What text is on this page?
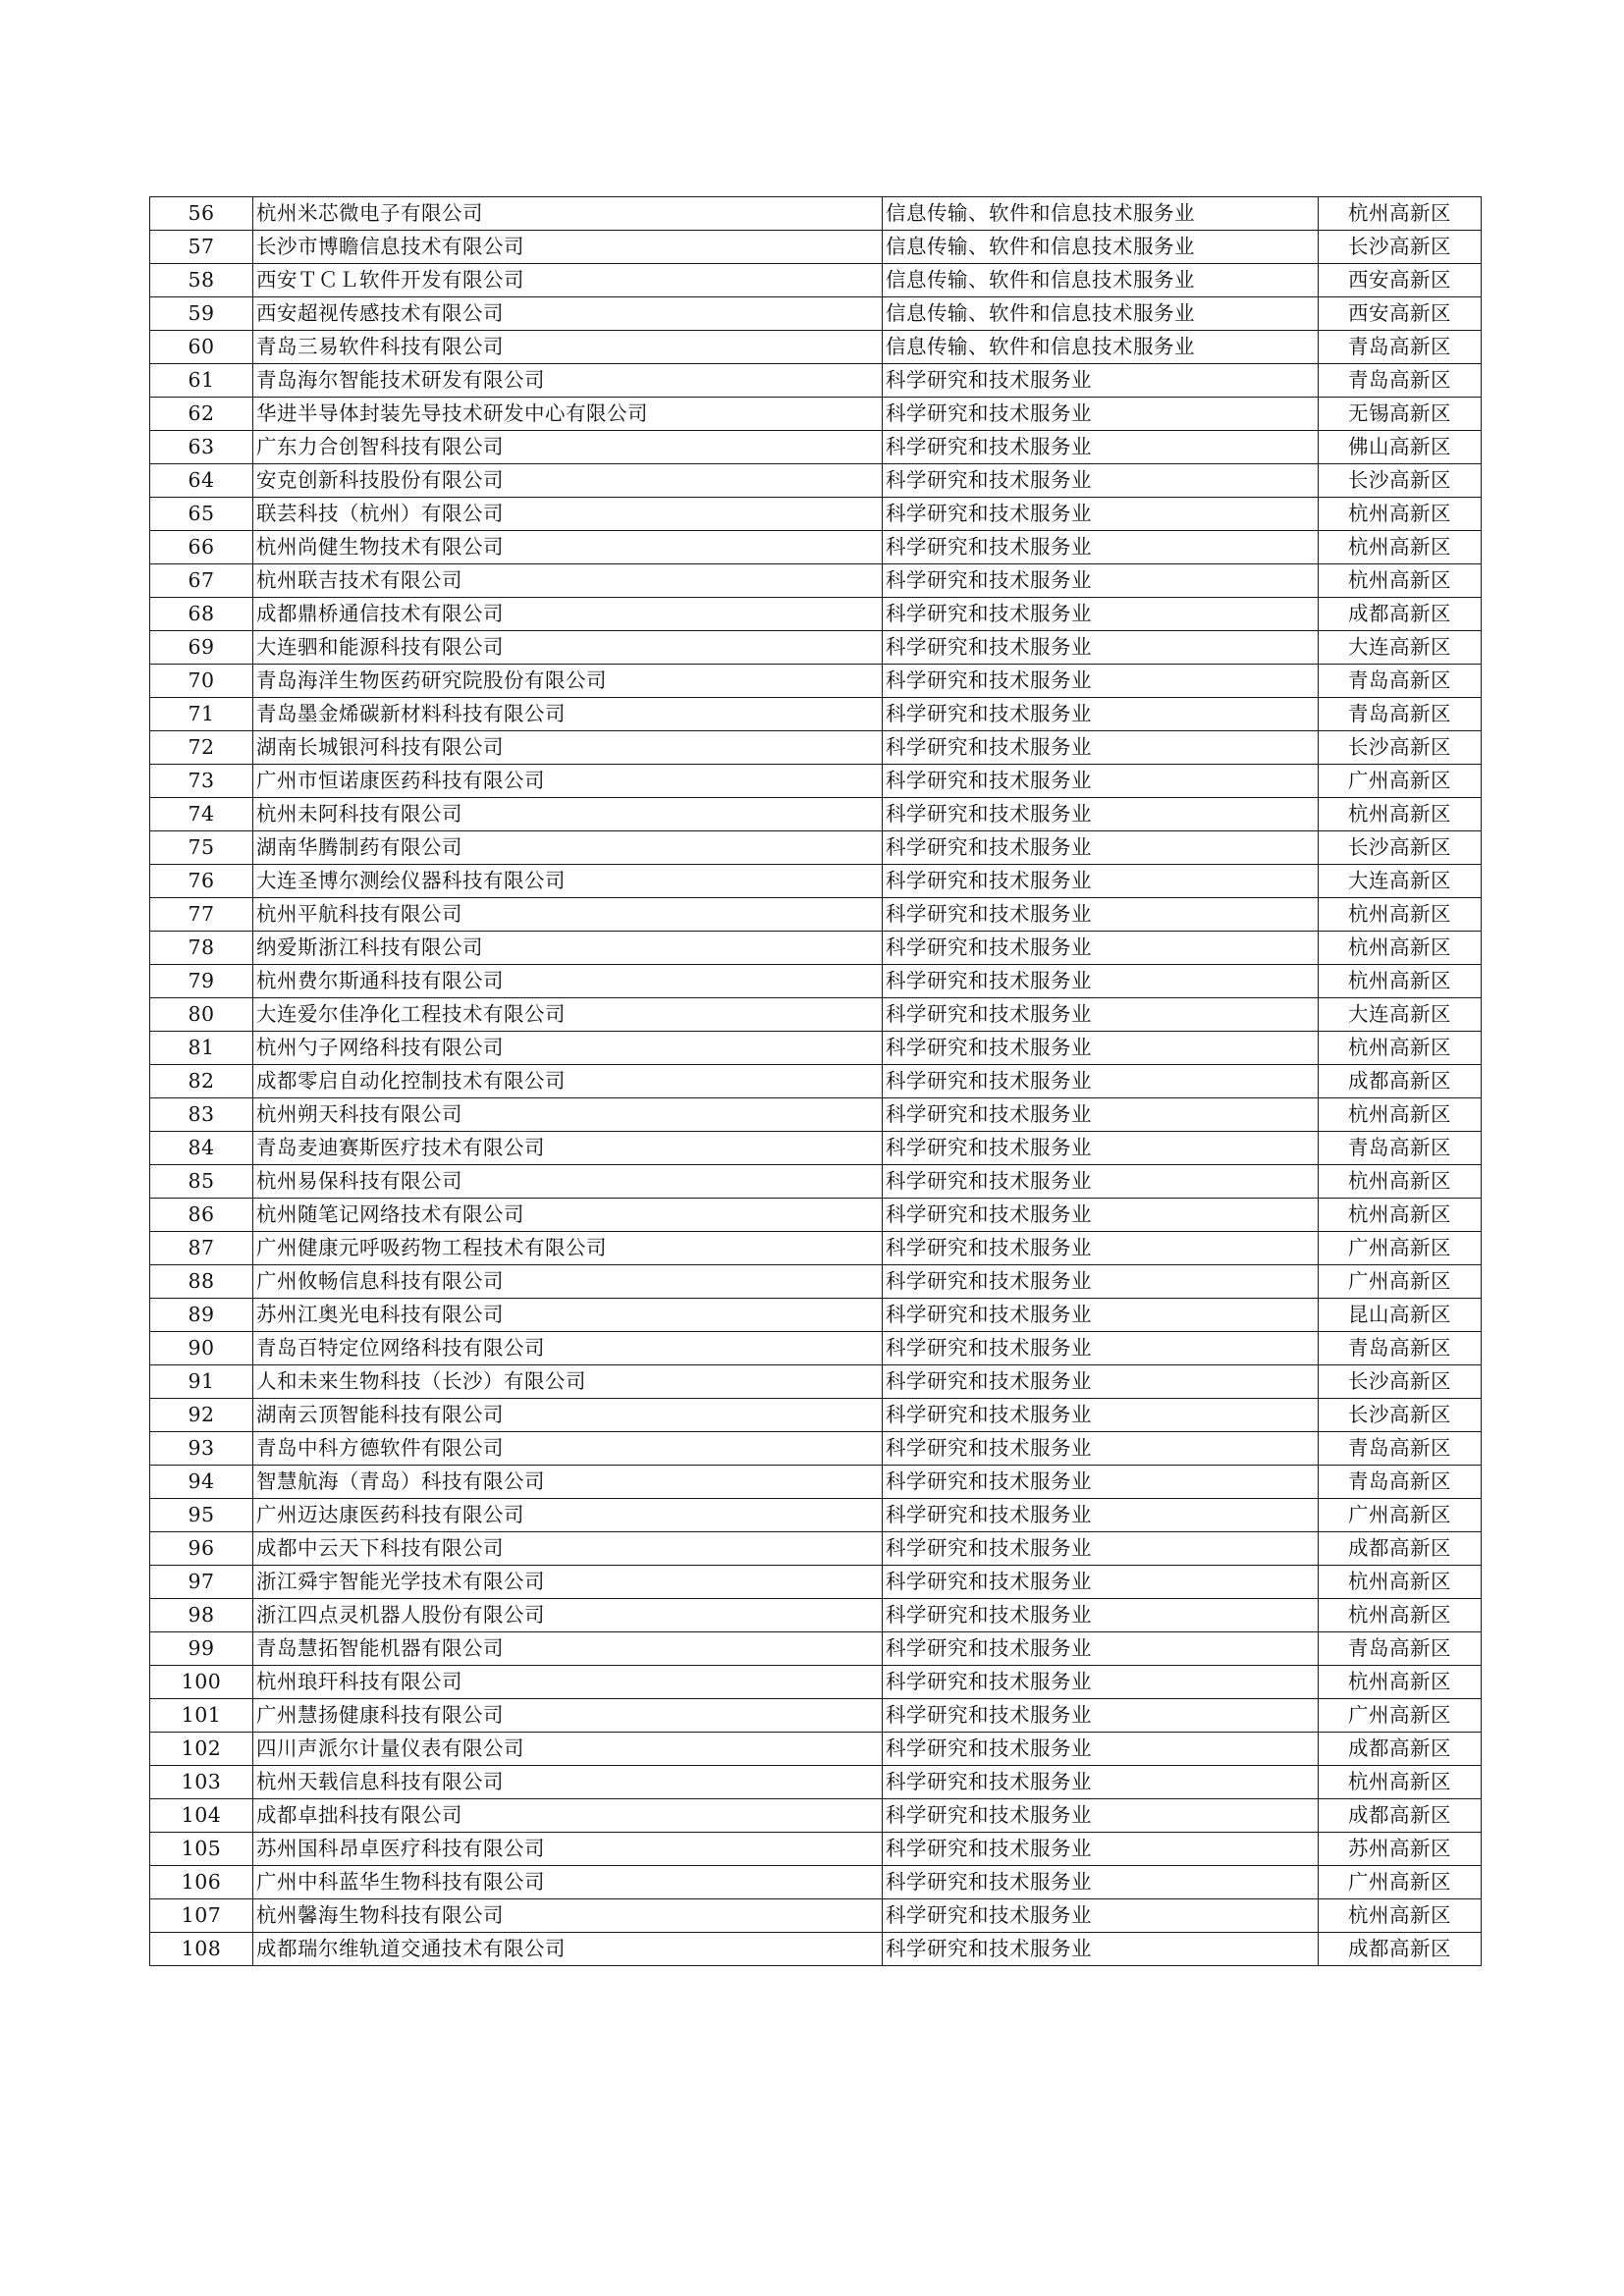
56	杭州米芯微电子有限公司	信息传输、软件和信息技术服务业	杭州高新区
57	长沙市博瞻信息技术有限公司	信息传输、软件和信息技术服务业	长沙高新区
58	西安ＴＣＬ软件开发有限公司	信息传输、软件和信息技术服务业	西安高新区
59	西安超视传感技术有限公司	信息传输、软件和信息技术服务业	西安高新区
60	青岛三易软件科技有限公司	信息传输、软件和信息技术服务业	青岛高新区
61	青岛海尔智能技术研发有限公司	科学研究和技术服务业	青岛高新区
62	华进半导体封装先导技术研发中心有限公司	科学研究和技术服务业	无锡高新区
63	广东力合创智科技有限公司	科学研究和技术服务业	佛山高新区
64	安克创新科技股份有限公司	科学研究和技术服务业	长沙高新区
65	联芸科技（杭州）有限公司	科学研究和技术服务业	杭州高新区
66	杭州尚健生物技术有限公司	科学研究和技术服务业	杭州高新区
67	杭州联吉技术有限公司	科学研究和技术服务业	杭州高新区
68	成都鼎桥通信技术有限公司	科学研究和技术服务业	成都高新区
69	大连驷和能源科技有限公司	科学研究和技术服务业	大连高新区
70	青岛海洋生物医药研究院股份有限公司	科学研究和技术服务业	青岛高新区
71	青岛墨金烯碳新材料科技有限公司	科学研究和技术服务业	青岛高新区
72	湖南长城银河科技有限公司	科学研究和技术服务业	长沙高新区
73	广州市恒诺康医药科技有限公司	科学研究和技术服务业	广州高新区
74	杭州未阿科技有限公司	科学研究和技术服务业	杭州高新区
75	湖南华腾制药有限公司	科学研究和技术服务业	长沙高新区
76	大连圣博尔测绘仪器科技有限公司	科学研究和技术服务业	大连高新区
77	杭州平航科技有限公司	科学研究和技术服务业	杭州高新区
78	纳爱斯浙江科技有限公司	科学研究和技术服务业	杭州高新区
79	杭州费尔斯通科技有限公司	科学研究和技术服务业	杭州高新区
80	大连爱尔佳净化工程技术有限公司	科学研究和技术服务业	大连高新区
81	杭州勺子网络科技有限公司	科学研究和技术服务业	杭州高新区
82	成都零启自动化控制技术有限公司	科学研究和技术服务业	成都高新区
83	杭州朔天科技有限公司	科学研究和技术服务业	杭州高新区
84	青岛麦迪赛斯医疗技术有限公司	科学研究和技术服务业	青岛高新区
85	杭州易保科技有限公司	科学研究和技术服务业	杭州高新区
86	杭州随笔记网络技术有限公司	科学研究和技术服务业	杭州高新区
87	广州健康元呼吸药物工程技术有限公司	科学研究和技术服务业	广州高新区
88	广州攸畅信息科技有限公司	科学研究和技术服务业	广州高新区
89	苏州江奥光电科技有限公司	科学研究和技术服务业	昆山高新区
90	青岛百特定位网络科技有限公司	科学研究和技术服务业	青岛高新区
91	人和未来生物科技（长沙）有限公司	科学研究和技术服务业	长沙高新区
92	湖南云顶智能科技有限公司	科学研究和技术服务业	长沙高新区
93	青岛中科方德软件有限公司	科学研究和技术服务业	青岛高新区
94	智慧航海（青岛）科技有限公司	科学研究和技术服务业	青岛高新区
95	广州迈达康医药科技有限公司	科学研究和技术服务业	广州高新区
96	成都中云天下科技有限公司	科学研究和技术服务业	成都高新区
97	浙江舜宇智能光学技术有限公司	科学研究和技术服务业	杭州高新区
98	浙江四点灵机器人股份有限公司	科学研究和技术服务业	杭州高新区
99	青岛慧拓智能机器有限公司	科学研究和技术服务业	青岛高新区
100	杭州琅玕科技有限公司	科学研究和技术服务业	杭州高新区
101	广州慧扬健康科技有限公司	科学研究和技术服务业	广州高新区
102	四川声派尔计量仪表有限公司	科学研究和技术服务业	成都高新区
103	杭州天载信息科技有限公司	科学研究和技术服务业	杭州高新区
104	成都卓拙科技有限公司	科学研究和技术服务业	成都高新区
105	苏州国科昂卓医疗科技有限公司	科学研究和技术服务业	苏州高新区
106	广州中科蓝华生物科技有限公司	科学研究和技术服务业	广州高新区
107	杭州馨海生物科技有限公司	科学研究和技术服务业	杭州高新区
108	成都瑞尔维轨道交通技术有限公司	科学研究和技术服务业	成都高新区
